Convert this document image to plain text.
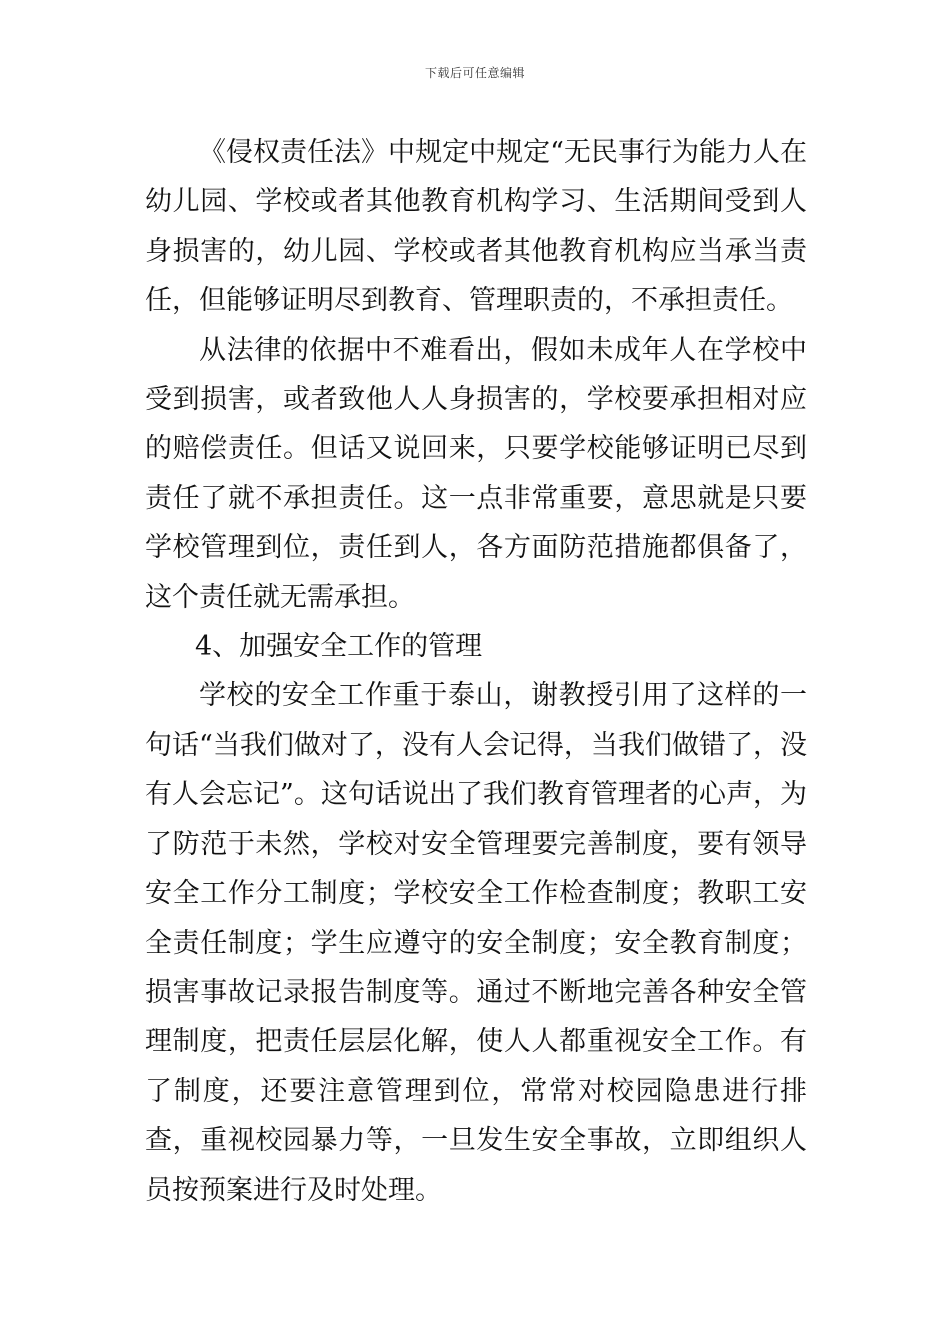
下载后可任意编辑

《侵权责任法》中规定中规定“无民事行为能力人在幼儿园、学校或者其他教育机构学习、生活期间受到人身损害的，幼儿园、学校或者其他教育机构应当承当责任，但能够证明尽到教育、管理职责的，不承担责任。

从法律的依据中不难看出，假如未成年人在学校中受到损害，或者致他人人身损害的，学校要承担相对应的赔偿责任。但话又说回来，只要学校能够证明已尽到责任了就不承担责任。这一点非常重要，意思就是只要学校管理到位，责任到人，各方面防范措施都俱备了，这个责任就无需承担。

4、加强安全工作的管理

学校的安全工作重于泰山，谢教授引用了这样的一句话“当我们做对了，没有人会记得，当我们做错了，没有人会忘记”。这句话说出了我们教育管理者的心声，为了防范于未然，学校对安全管理要完善制度，要有领导安全工作分工制度；学校安全工作检查制度；教职工安全责任制度；学生应遵守的安全制度；安全教育制度；损害事故记录报告制度等。通过不断地完善各种安全管理制度，把责任层层化解，使人人都重视安全工作。有了制度，还要注意管理到位，常常对校园隐患进行排查，重视校园暴力等，一旦发生安全事故，立即组织人员按预案进行及时处理。
